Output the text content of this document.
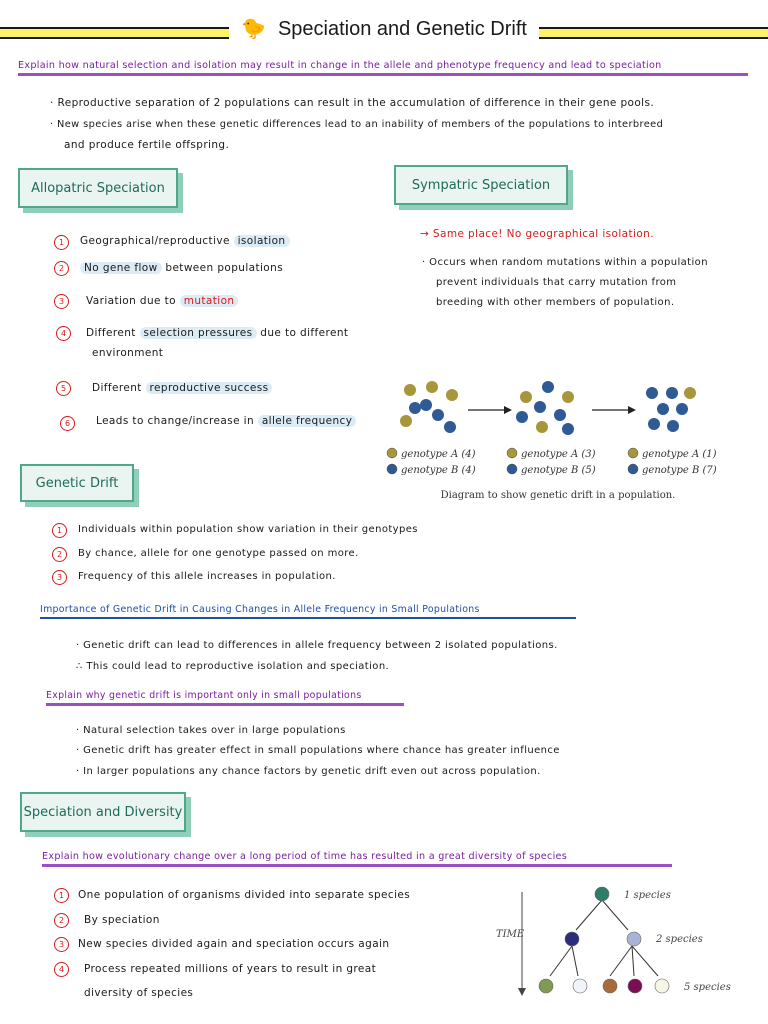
🐤 Speciation and Genetic Drift
Explain how natural selection and isolation may result in change in the allele and phenotype frequency and lead to speciation
· Reproductive separation of 2 populations can result in the accumulation of difference in their gene pools.
· New species arise when these genetic differences lead to an inability of members of the populations to interbreed
and produce fertile offspring.
Allopatric Speciation
1	Geographical/reproductive isolation
2	No gene flow between populations
3	Variation due to mutation
4	Different selection pressures due to different
environment
5	Different reproductive success
6	Leads to change/increase in allele frequency
Sympatric Speciation
→ Same place! No geographical isolation.
· Occurs when random mutations within a population
prevent individuals that carry mutation from
breeding with other members of population.
genotype A (4)
genotype B (4)
genotype A (3)
genotype B (5)
genotype A (1)
genotype B (7)
Diagram to show genetic drift in a population.
Genetic Drift
1	Individuals within population show variation in their genotypes
2	By chance, allele for one genotype passed on more.
3	Frequency of this allele increases in population.
Importance of Genetic Drift in Causing Changes in Allele Frequency in Small Populations
· Genetic drift can lead to differences in allele frequency between 2 isolated populations.
∴ This could lead to reproductive isolation and speciation.
Explain why genetic drift is important only in small populations
· Natural selection takes over in large populations
· Genetic drift has greater effect in small populations where chance has greater influence
· In larger populations any chance factors by genetic drift even out across population.
Speciation and Diversity
Explain how evolutionary change over a long period of time has resulted in a great diversity of species
1	One population of organisms divided into separate species
2	By speciation
3	New species divided again and speciation occurs again
4	Process repeated millions of years to result in great
diversity of species
TIME
1 species
2 species
5 species
